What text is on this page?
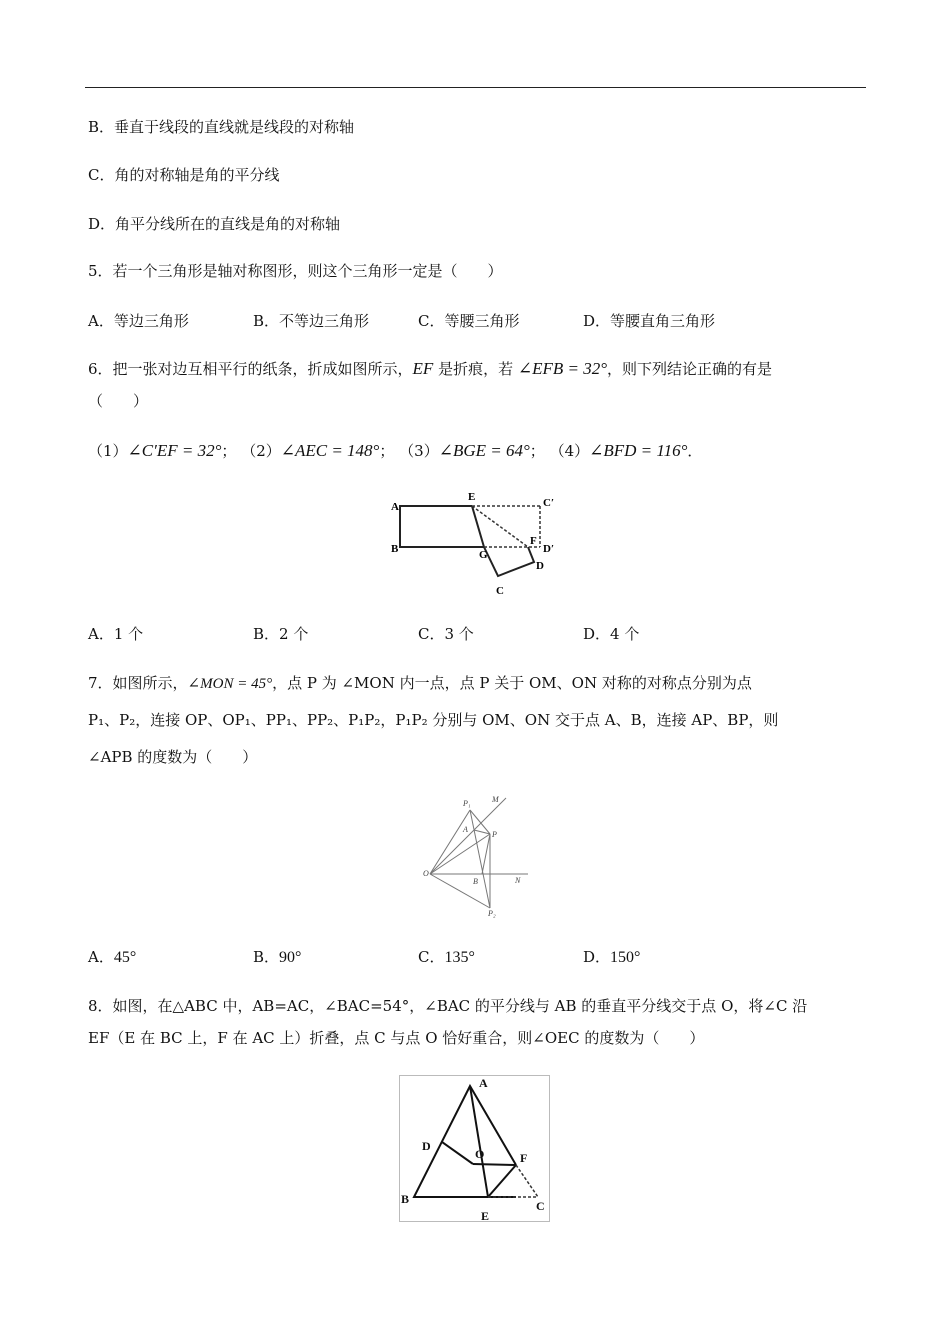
B．垂直于线段的直线就是线段的对称轴
C．角的对称轴是角的平分线
D．角平分线所在的直线是角的对称轴
5．若一个三角形是轴对称图形，则这个三角形一定是（　　）
A．等边三角形	B．不等边三角形	C．等腰三角形	D．等腰直角三角形
6．把一张对边互相平行的纸条，折成如图所示，EF 是折痕，若 ∠EFB = 32°，则下列结论正确的有是
（　　）
（1）∠C′EF = 32°； （2）∠AEC = 148°； （3）∠BGE = 64°； （4）∠BFD = 116°．
A
E	C′
B	G
F
D′
D
C
A．1 个	B．2 个	C．3 个	D．4 个
7．如图所示，∠MON = 45°，点 P 为 ∠MON 内一点，点 P 关于 OM、ON 对称的对称点分别为点
P₁、P₂，连接 OP、OP₁、PP₁、PP₂、P₁P₂，P₁P₂ 分别与 OM、ON 交于点 A、B，连接 AP、BP，则
∠APB 的度数为（　　）
P₁	M
A
P
O
B	N
P₂
A．45°	B．90°	C．135°	D．150°
8．如图，在△ABC 中，AB=AC，∠BAC=54°，∠BAC 的平分线与 AB 的垂直平分线交于点 O，将∠C 沿
EF（E 在 BC 上，F 在 AC 上）折叠，点 C 与点 O 恰好重合，则∠OEC 的度数为（　　）
A
D
O	F
B
E
C
